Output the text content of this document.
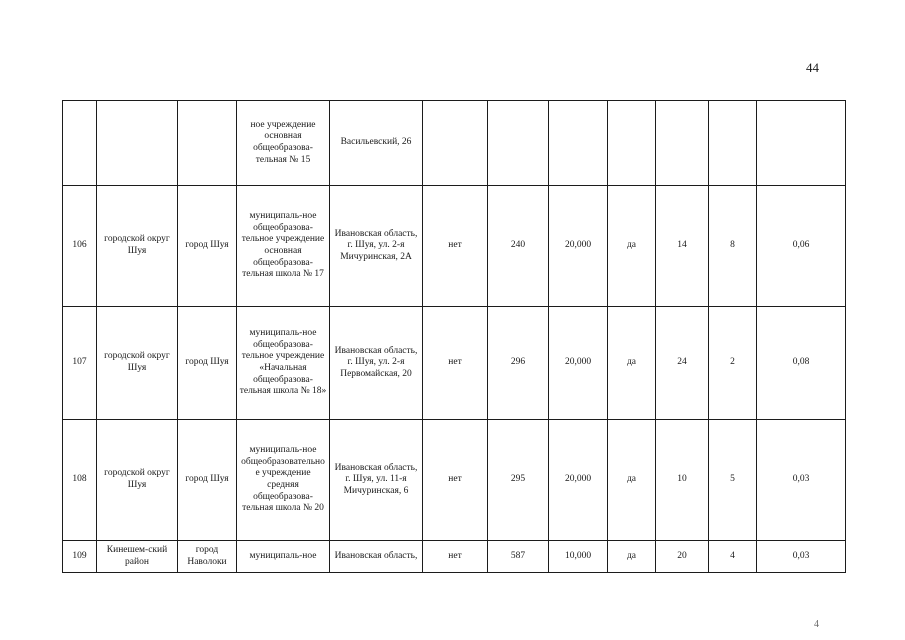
44
			ное учреждение основная общеобразова-тельная № 15	Васильевский, 26							
106	городской округ Шуя	город Шуя	муниципаль-ное общеобразова-тельное учреждение основная общеобразова-тельная школа № 17	Ивановская область, г. Шуя, ул. 2-я Мичуринская, 2А	нет	240	20,000	да	14	8	0,06
107	городской округ Шуя	город Шуя	муниципаль-ное общеобразова-тельное учреждение «Начальная общеобразова-тельная школа № 18»	Ивановская область, г. Шуя, ул. 2-я Первомайская, 20	нет	296	20,000	да	24	2	0,08
108	городской округ Шуя	город Шуя	муниципаль-ное общеобразовательное учреждение средняя общеобразова-тельная школа № 20	Ивановская область, г. Шуя, ул. 11-я Мичуринская, 6	нет	295	20,000	да	10	5	0,03
109	Кинешем-ский район	город Наволоки	муниципаль-ное	Ивановская область,	нет	587	10,000	да	20	4	0,03
4
